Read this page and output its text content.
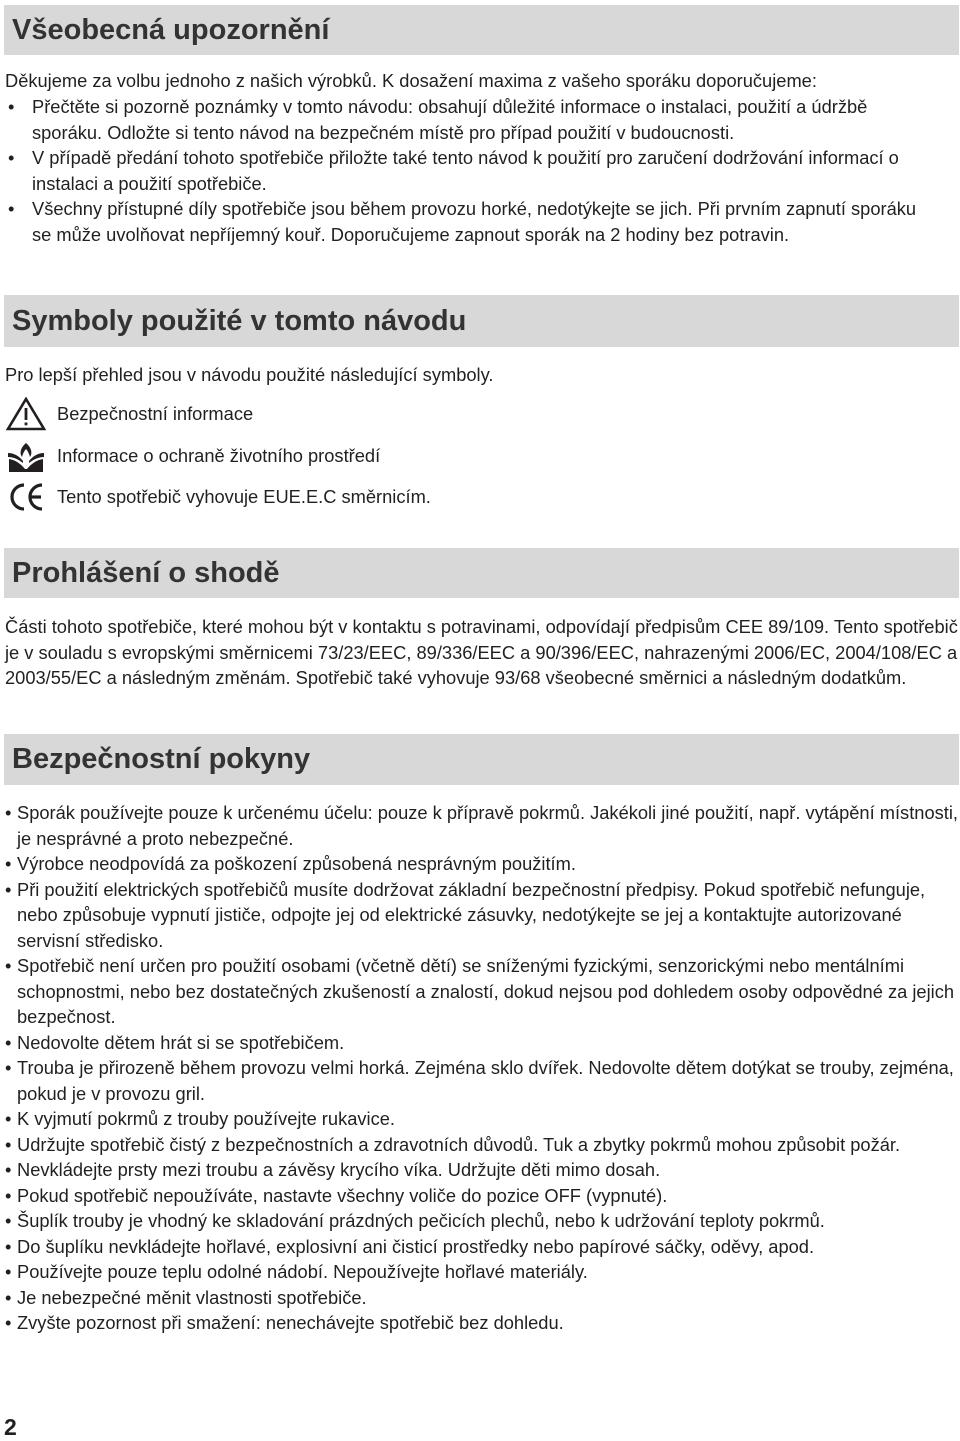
Všeobecná upozornění

Děkujeme za volbu jednoho z našich výrobků. K dosažení maxima z vašeho sporáku doporučujeme:

• Přečtěte si pozorně poznámky v tomto návodu: obsahují důležité informace o instalaci, použití a údržbě sporáku. Odložte si tento návod na bezpečném místě pro případ použití v budoucnosti.
• V případě předání tohoto spotřebiče přiložte také tento návod k použití pro zaručení dodržování informací o instalaci a použití spotřebiče.
• Všechny přístupné díly spotřebiče jsou během provozu horké, nedotýkejte se jich. Při prvním zapnutí sporáku se může uvolňovat nepříjemný kouř. Doporučujeme zapnout sporák na 2 hodiny bez potravin.
Symboly použité v tomto návodu

Pro lepší přehled jsou v návodu použité následující symboly.

Bezpečnostní informace
Informace o ochraně životního prostředí
Tento spotřebič vyhovuje EUE.E.C směrnicím.
Prohlášení o shodě

Části tohoto spotřebiče, které mohou být v kontaktu s potravinami, odpovídají předpisům CEE 89/109. Tento spotřebič je v souladu s evropskými směrnicemi 73/23/EEC, 89/336/EEC a 90/396/EEC, nahrazenými 2006/EC, 2004/108/EC a 2003/55/EC a následným změnám. Spotřebič také vyhovuje 93/68 všeobecné směrnici a následným dodatkům.

Bezpečnostní pokyny
• Sporák používejte pouze k určenému účelu: pouze k přípravě pokrmů. Jakékoli jiné použití, např. vytápění místnosti, je nesprávné a proto nebezpečné.
• Výrobce neodpovídá za poškození způsobená nesprávným použitím.
• Při použití elektrických spotřebičů musíte dodržovat základní bezpečnostní předpisy. Pokud spotřebič nefunguje, nebo způsobuje vypnutí jističe, odpojte jej od elektrické zásuvky, nedotýkejte se jej a kontaktujte autorizované servisní středisko.
• Spotřebič není určen pro použití osobami (včetně dětí) se sníženými fyzickými, senzorickými nebo mentálními schopnostmi, nebo bez dostatečných zkušeností a znalostí, dokud nejsou pod dohledem osoby odpovědné za jejich bezpečnost.
• Nedovolte dětem hrát si se spotřebičem.
• Trouba je přirozeně během provozu velmi horká. Zejména sklo dvířek. Nedovolte dětem dotýkat se trouby, zejména, pokud je v provozu gril.
• K vyjmutí pokrmů z trouby používejte rukavice.
• Udržujte spotřebič čistý z bezpečnostních a zdravotních důvodů. Tuk a zbytky pokrmů mohou způsobit požár.
• Nevkládejte prsty mezi troubu a závěsy krycího víka. Udržujte děti mimo dosah.
• Pokud spotřebič nepoužíváte, nastavte všechny voliče do pozice OFF (vypnuté).
• Šuplík trouby je vhodný ke skladování prázdných pečicích plechů, nebo k udržování teploty pokrmů.
• Do šuplíku nevkládejte hořlavé, explosivní ani čisticí prostředky nebo papírové sáčky, oděvy, apod.
• Používejte pouze teplu odolné nádobí. Nepoužívejte hořlavé materiály.
• Je nebezpečné měnit vlastnosti spotřebiče.
• Zvyšte pozornost při smažení: nenechávejte spotřebič bez dohledu.
2
